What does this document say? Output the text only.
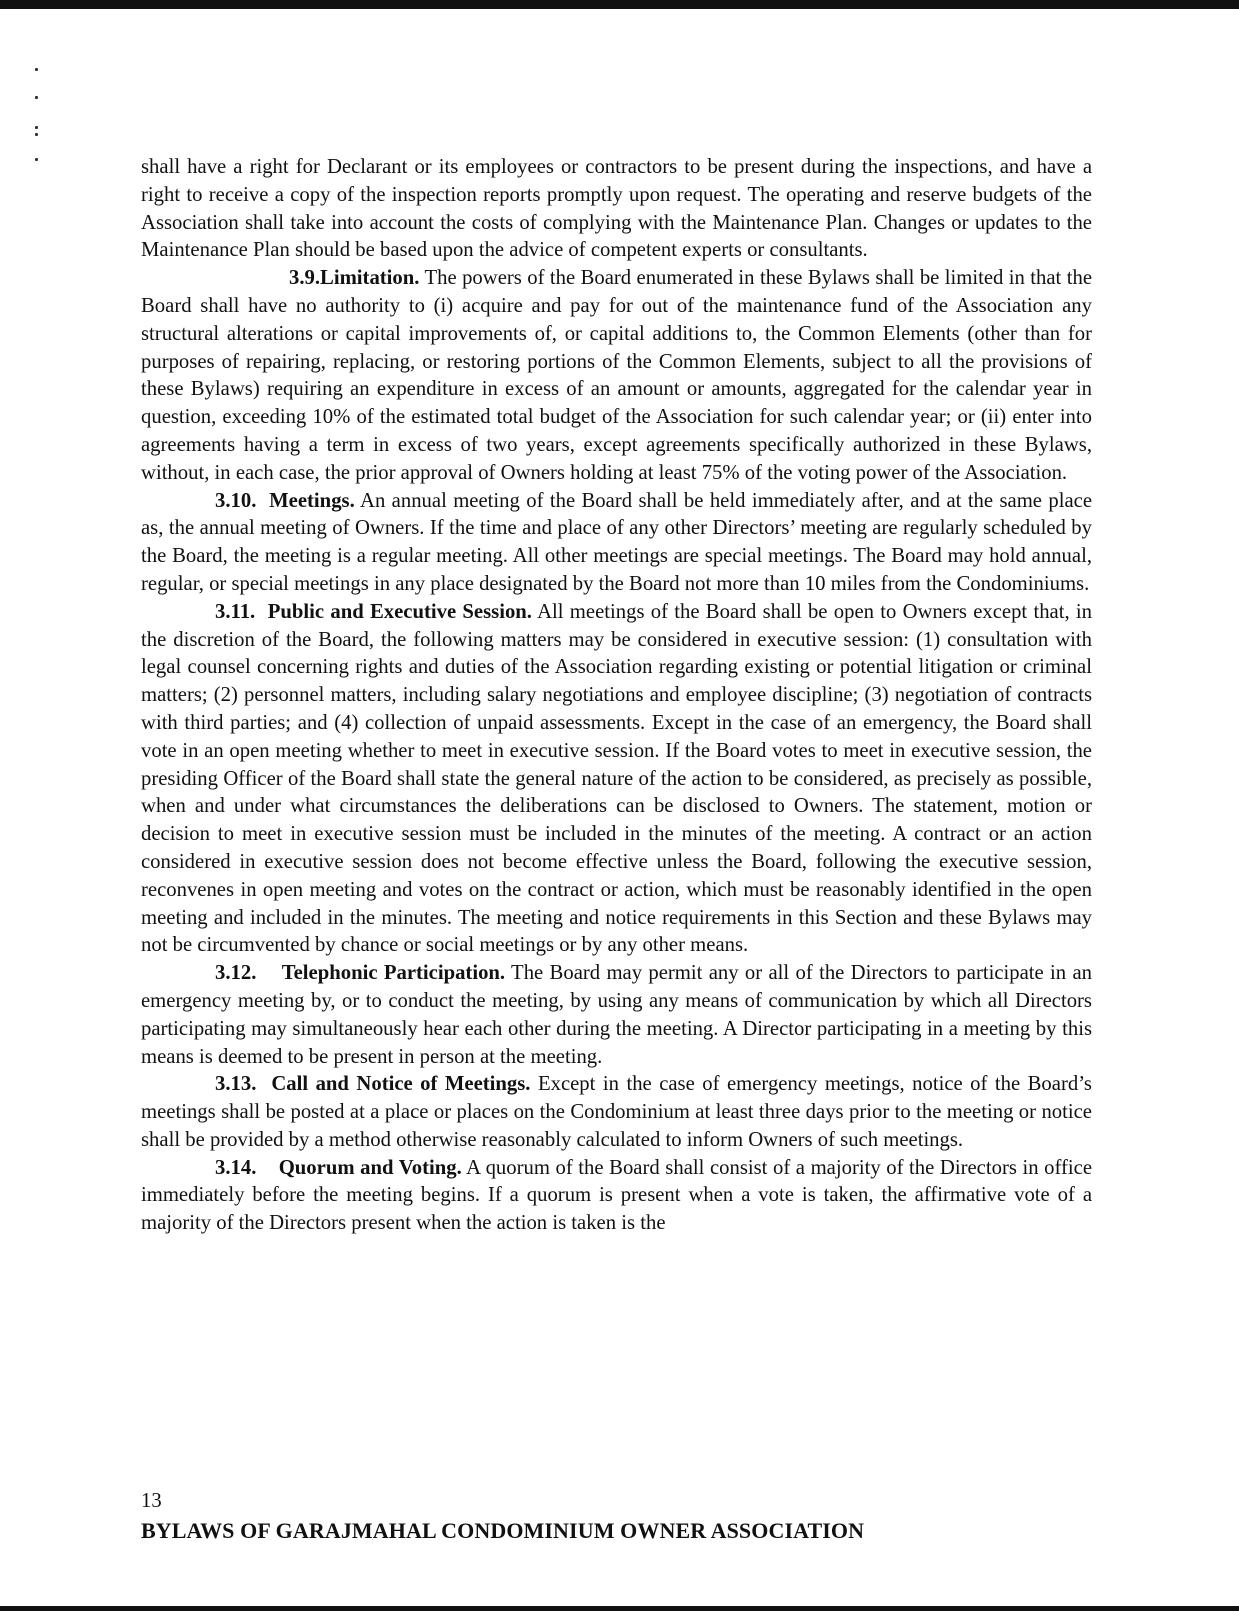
shall have a right for Declarant or its employees or contractors to be present during the inspections, and have a right to receive a copy of the inspection reports promptly upon request. The operating and reserve budgets of the Association shall take into account the costs of complying with the Maintenance Plan. Changes or updates to the Maintenance Plan should be based upon the advice of competent experts or consultants.

3.9.Limitation. The powers of the Board enumerated in these Bylaws shall be limited in that the Board shall have no authority to (i) acquire and pay for out of the maintenance fund of the Association any structural alterations or capital improvements of, or capital additions to, the Common Elements (other than for purposes of repairing, replacing, or restoring portions of the Common Elements, subject to all the provisions of these Bylaws) requiring an expenditure in excess of an amount or amounts, aggregated for the calendar year in question, exceeding 10% of the estimated total budget of the Association for such calendar year; or (ii) enter into agreements having a term in excess of two years, except agreements specifically authorized in these Bylaws, without, in each case, the prior approval of Owners holding at least 75% of the voting power of the Association.

3.10. Meetings. An annual meeting of the Board shall be held immediately after, and at the same place as, the annual meeting of Owners. If the time and place of any other Directors’ meeting are regularly scheduled by the Board, the meeting is a regular meeting. All other meetings are special meetings. The Board may hold annual, regular, or special meetings in any place designated by the Board not more than 10 miles from the Condominiums.

3.11. Public and Executive Session. All meetings of the Board shall be open to Owners except that, in the discretion of the Board, the following matters may be considered in executive session: (1) consultation with legal counsel concerning rights and duties of the Association regarding existing or potential litigation or criminal matters; (2) personnel matters, including salary negotiations and employee discipline; (3) negotiation of contracts with third parties; and (4) collection of unpaid assessments. Except in the case of an emergency, the Board shall vote in an open meeting whether to meet in executive session. If the Board votes to meet in executive session, the presiding Officer of the Board shall state the general nature of the action to be considered, as precisely as possible, when and under what circumstances the deliberations can be disclosed to Owners. The statement, motion or decision to meet in executive session must be included in the minutes of the meeting. A contract or an action considered in executive session does not become effective unless the Board, following the executive session, reconvenes in open meeting and votes on the contract or action, which must be reasonably identified in the open meeting and included in the minutes. The meeting and notice requirements in this Section and these Bylaws may not be circumvented by chance or social meetings or by any other means.

3.12. Telephonic Participation. The Board may permit any or all of the Directors to participate in an emergency meeting by, or to conduct the meeting, by using any means of communication by which all Directors participating may simultaneously hear each other during the meeting. A Director participating in a meeting by this means is deemed to be present in person at the meeting.

3.13. Call and Notice of Meetings. Except in the case of emergency meetings, notice of the Board’s meetings shall be posted at a place or places on the Condominium at least three days prior to the meeting or notice shall be provided by a method otherwise reasonably calculated to inform Owners of such meetings.

3.14. Quorum and Voting. A quorum of the Board shall consist of a majority of the Directors in office immediately before the meeting begins. If a quorum is present when a vote is taken, the affirmative vote of a majority of the Directors present when the action is taken is the

13
BYLAWS OF GARAJMAHAL CONDOMINIUM OWNER ASSOCIATION
